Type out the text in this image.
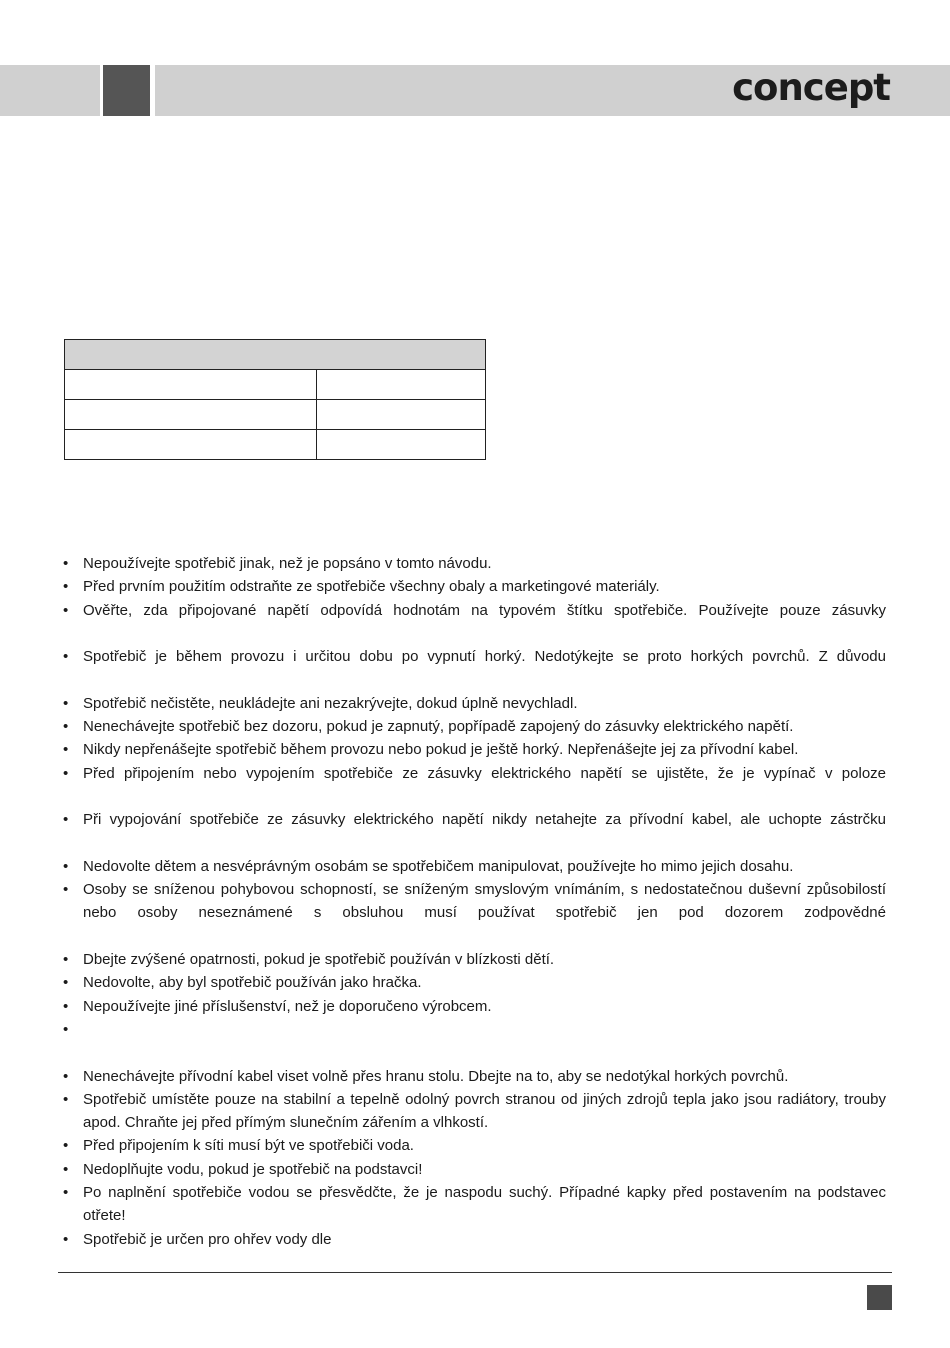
concept

• Nepoužívejte spotřebič jinak, než je popsáno v tomto návodu.
• Před prvním použitím odstraňte ze spotřebiče všechny obaly a marketingové materiály.
• Ověřte, zda připojované napětí odpovídá hodnotám na typovém štítku spotřebiče. Používejte pouze zásuvky
• Spotřebič je během provozu i určitou dobu po vypnutí horký. Nedotýkejte se proto horkých povrchů. Z důvodu
• Spotřebič nečistěte, neukládejte ani nezakrývejte, dokud úplně nevychladl.
• Nenechávejte spotřebič bez dozoru, pokud je zapnutý, popřípadě zapojený do zásuvky elektrického napětí.
• Nikdy nepřenášejte spotřebič během provozu nebo pokud je ještě horký. Nepřenášejte jej za přívodní kabel.
• Před připojením nebo vypojením spotřebiče ze zásuvky elektrického napětí se ujistěte, že je vypínač v poloze
• Při vypojování spotřebiče ze zásuvky elektrického napětí nikdy netahejte za přívodní kabel, ale uchopte zástrčku
• Nedovolte dětem a nesvéprávným osobám se spotřebičem manipulovat, používejte ho mimo jejich dosahu.
• Osoby se sníženou pohybovou schopností, se sníženým smyslovým vnímáním, s nedostatečnou duševní způsobilostí nebo osoby neseznámené s obsluhou musí používat spotřebič jen pod dozorem zodpovědné
• Dbejte zvýšené opatrnosti, pokud je spotřebič používán v blízkosti dětí.
• Nedovolte, aby byl spotřebič používán jako hračka.
• Nepoužívejte jiné příslušenství, než je doporučeno výrobcem.
•
• Nenechávejte přívodní kabel viset volně přes hranu stolu. Dbejte na to, aby se nedotýkal horkých povrchů.
• Spotřebič umístěte pouze na stabilní a tepelně odolný povrch stranou od jiných zdrojů tepla jako jsou radiátory, trouby apod. Chraňte jej před přímým slunečním zářením a vlhkostí.
• Před připojením k síti musí být ve spotřebiči voda.
• Nedoplňujte vodu, pokud je spotřebič na podstavci!
• Po naplnění spotřebiče vodou se přesvědčte, že je naspodu suchý. Případné kapky před postavením na podstavec otřete!
• Spotřebič je určen pro ohřev vody dle
